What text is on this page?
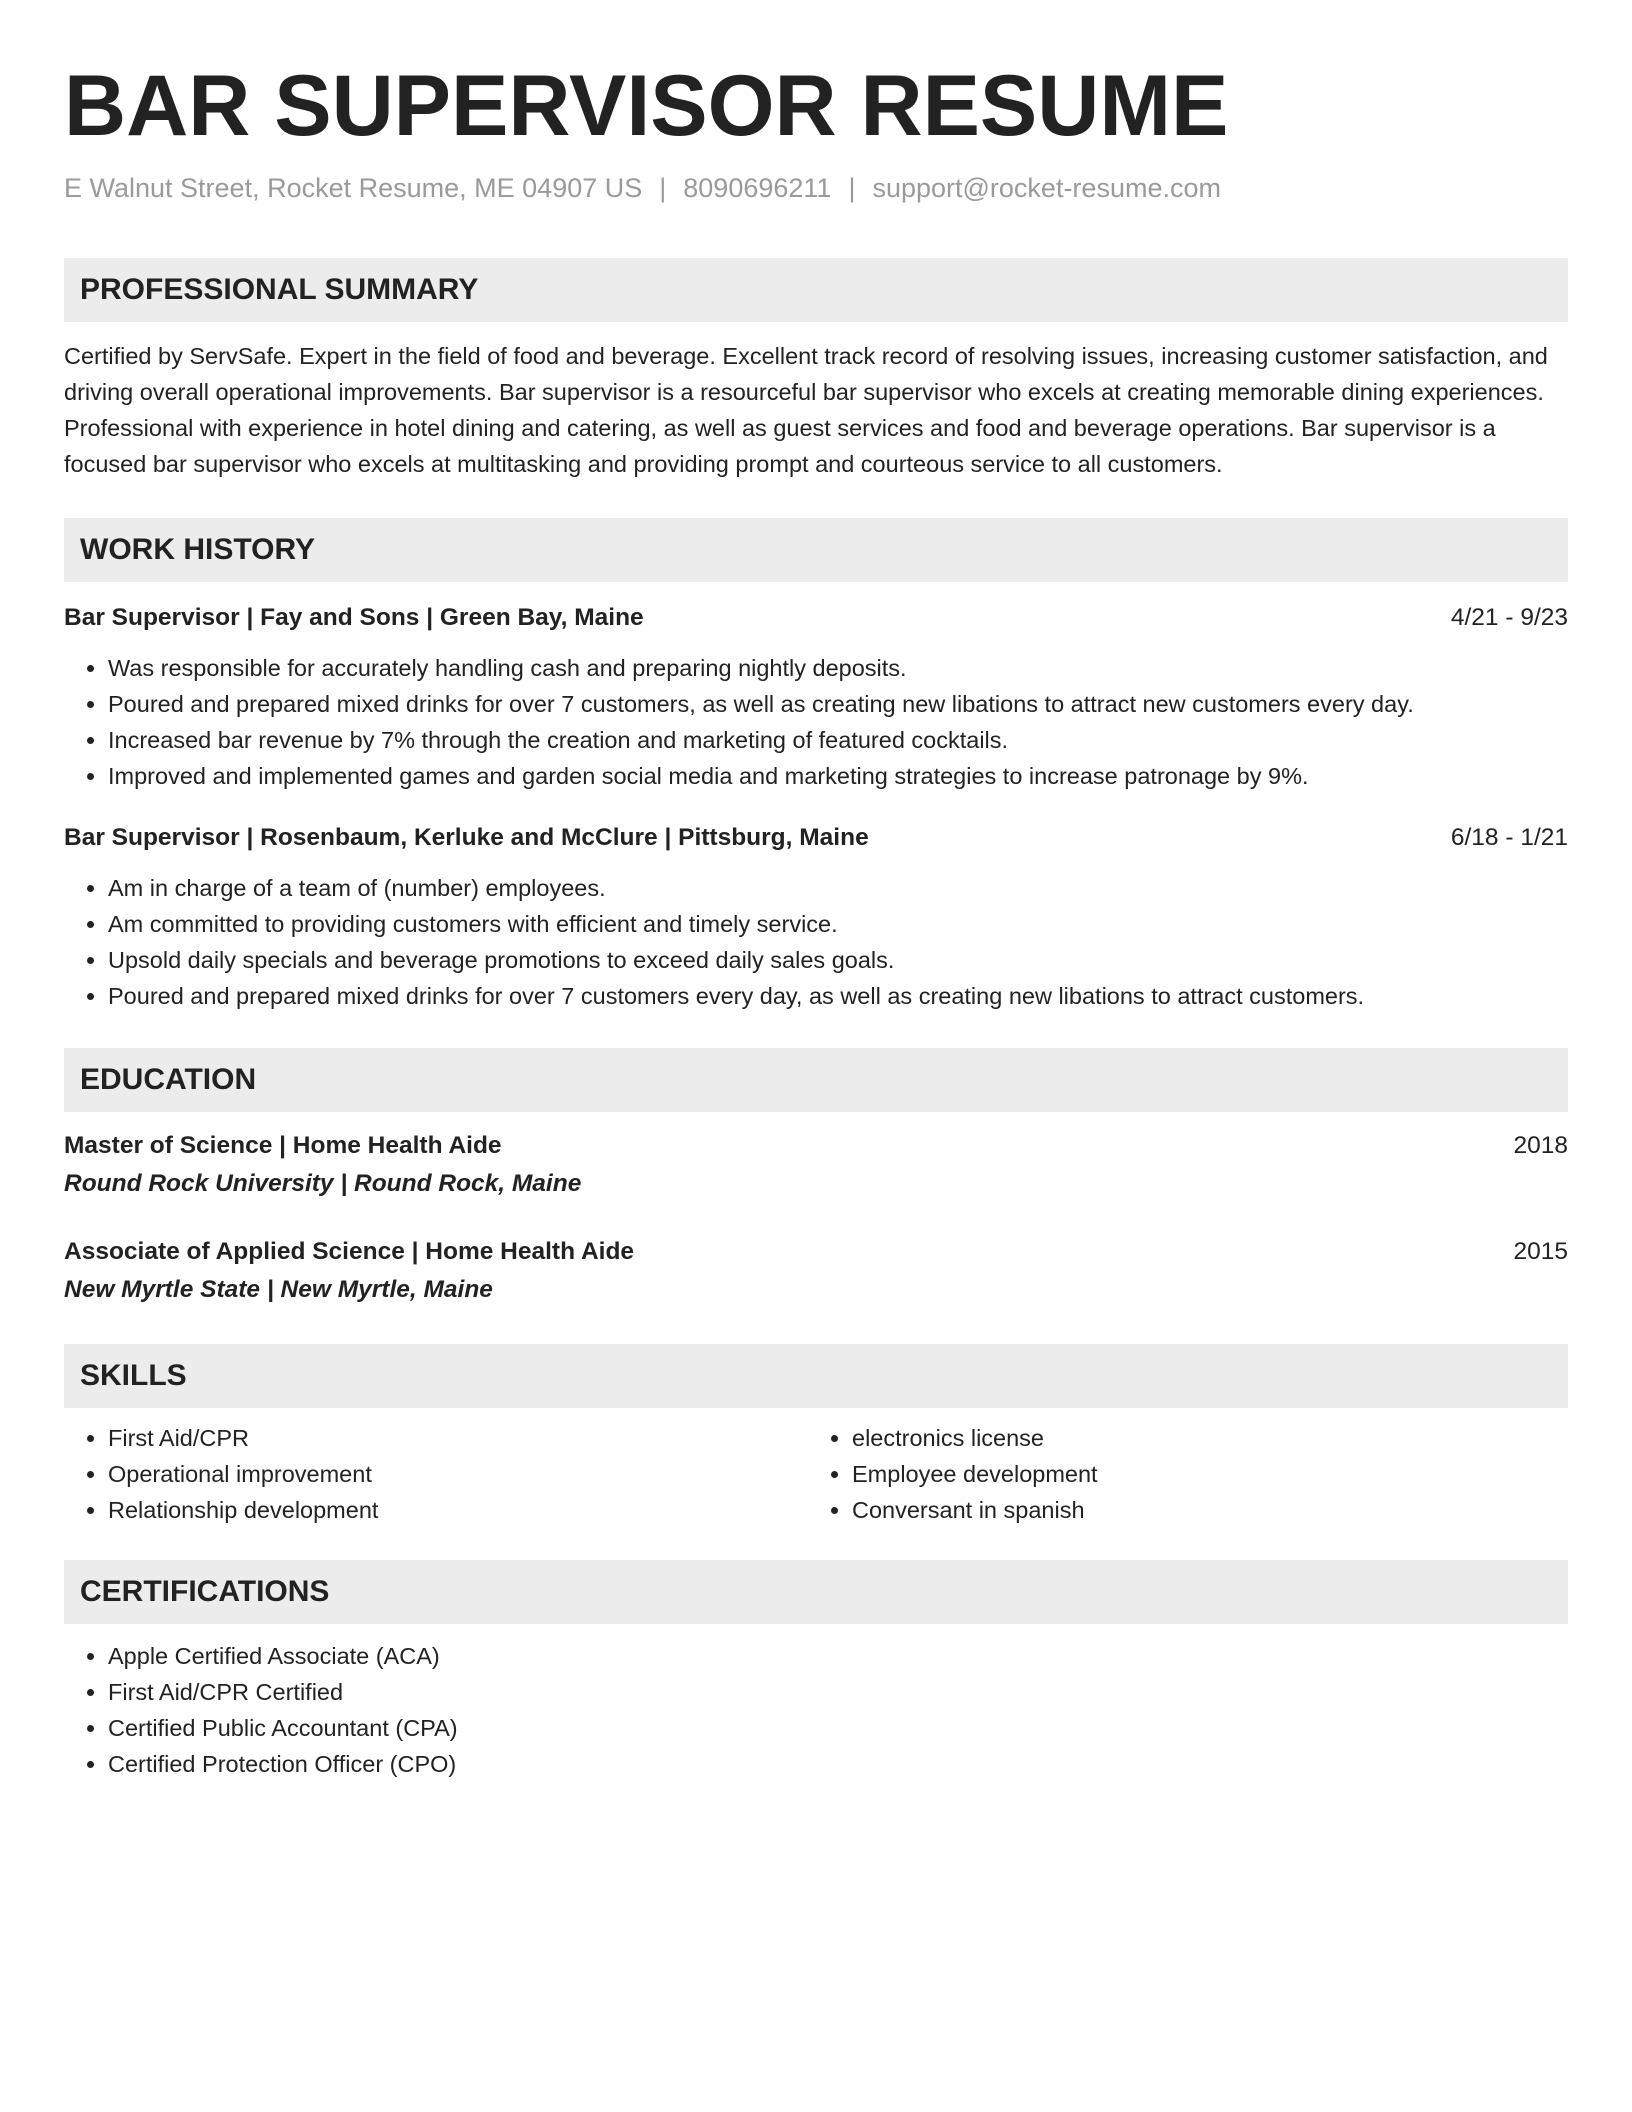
BAR SUPERVISOR RESUME
E Walnut Street, Rocket Resume, ME 04907 US | 8090696211 | support@rocket-resume.com
PROFESSIONAL SUMMARY
Certified by ServSafe. Expert in the field of food and beverage. Excellent track record of resolving issues, increasing customer satisfaction, and driving overall operational improvements. Bar supervisor is a resourceful bar supervisor who excels at creating memorable dining experiences. Professional with experience in hotel dining and catering, as well as guest services and food and beverage operations. Bar supervisor is a focused bar supervisor who excels at multitasking and providing prompt and courteous service to all customers.
WORK HISTORY
Bar Supervisor | Fay and Sons | Green Bay, Maine	4/21 - 9/23
• Was responsible for accurately handling cash and preparing nightly deposits.
• Poured and prepared mixed drinks for over 7 customers, as well as creating new libations to attract new customers every day.
• Increased bar revenue by 7% through the creation and marketing of featured cocktails.
• Improved and implemented games and garden social media and marketing strategies to increase patronage by 9%.
Bar Supervisor | Rosenbaum, Kerluke and McClure | Pittsburg, Maine	6/18 - 1/21
• Am in charge of a team of (number) employees.
• Am committed to providing customers with efficient and timely service.
• Upsold daily specials and beverage promotions to exceed daily sales goals.
• Poured and prepared mixed drinks for over 7 customers every day, as well as creating new libations to attract customers.
EDUCATION
Master of Science | Home Health Aide	2018
Round Rock University | Round Rock, Maine
Associate of Applied Science | Home Health Aide	2015
New Myrtle State | New Myrtle, Maine
SKILLS
• First Aid/CPR
• Operational improvement
• Relationship development
• electronics license
• Employee development
• Conversant in spanish
CERTIFICATIONS
• Apple Certified Associate (ACA)
• First Aid/CPR Certified
• Certified Public Accountant (CPA)
• Certified Protection Officer (CPO)
